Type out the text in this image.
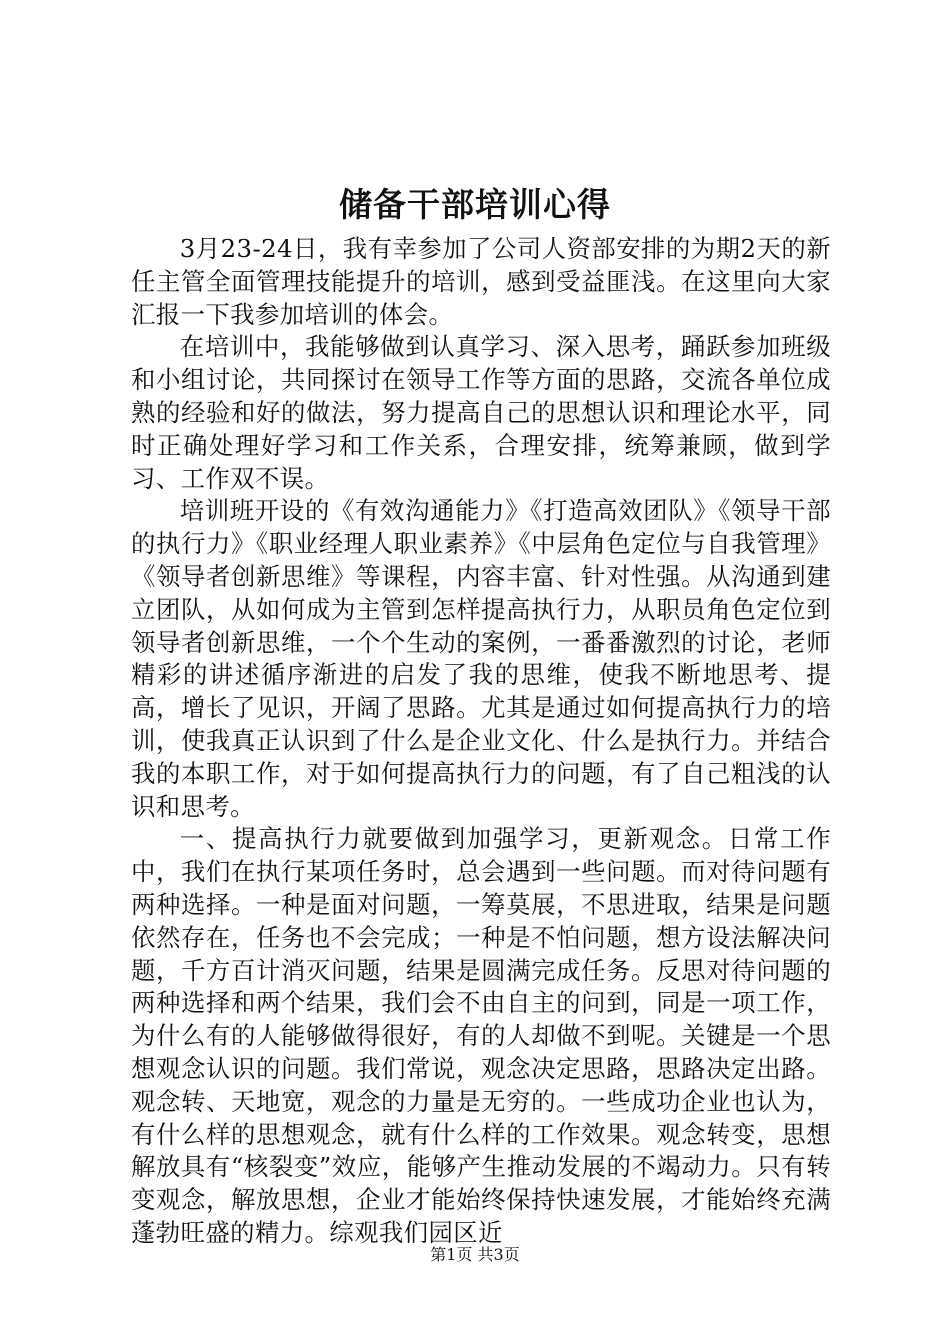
储备干部培训心得

3月23-24日，我有幸参加了公司人资部安排的为期2天的新任主管全面管理技能提升的培训，感到受益匪浅。在这里向大家汇报一下我参加培训的体会。

在培训中，我能够做到认真学习、深入思考，踊跃参加班级和小组讨论，共同探讨在领导工作等方面的思路，交流各单位成熟的经验和好的做法，努力提高自己的思想认识和理论水平，同时正确处理好学习和工作关系，合理安排，统筹兼顾，做到学习、工作双不误。

培训班开设的《有效沟通能力》《打造高效团队》《领导干部的执行力》《职业经理人职业素养》《中层角色定位与自我管理》《领导者创新思维》等课程，内容丰富、针对性强。从沟通到建立团队，从如何成为主管到怎样提高执行力，从职员角色定位到领导者创新思维，一个个生动的案例，一番番激烈的讨论，老师精彩的讲述循序渐进的启发了我的思维，使我不断地思考、提高，增长了见识，开阔了思路。尤其是通过如何提高执行力的培训，使我真正认识到了什么是企业文化、什么是执行力。并结合我的本职工作，对于如何提高执行力的问题，有了自己粗浅的认识和思考。

一、提高执行力就要做到加强学习，更新观念。日常工作中，我们在执行某项任务时，总会遇到一些问题。而对待问题有两种选择。一种是面对问题，一筹莫展，不思进取，结果是问题依然存在，任务也不会完成；一种是不怕问题，想方设法解决问题，千方百计消灭问题，结果是圆满完成任务。反思对待问题的两种选择和两个结果，我们会不由自主的问到，同是一项工作，为什么有的人能够做得很好，有的人却做不到呢。关键是一个思想观念认识的问题。我们常说，观念决定思路，思路决定出路。观念转、天地宽，观念的力量是无穷的。一些成功企业也认为，有什么样的思想观念，就有什么样的工作效果。观念转变，思想解放具有“核裂变”效应，能够产生推动发展的不竭动力。只有转变观念，解放思想，企业才能始终保持快速发展，才能始终充满蓬勃旺盛的精力。综观我们园区近

第1页 共3页
